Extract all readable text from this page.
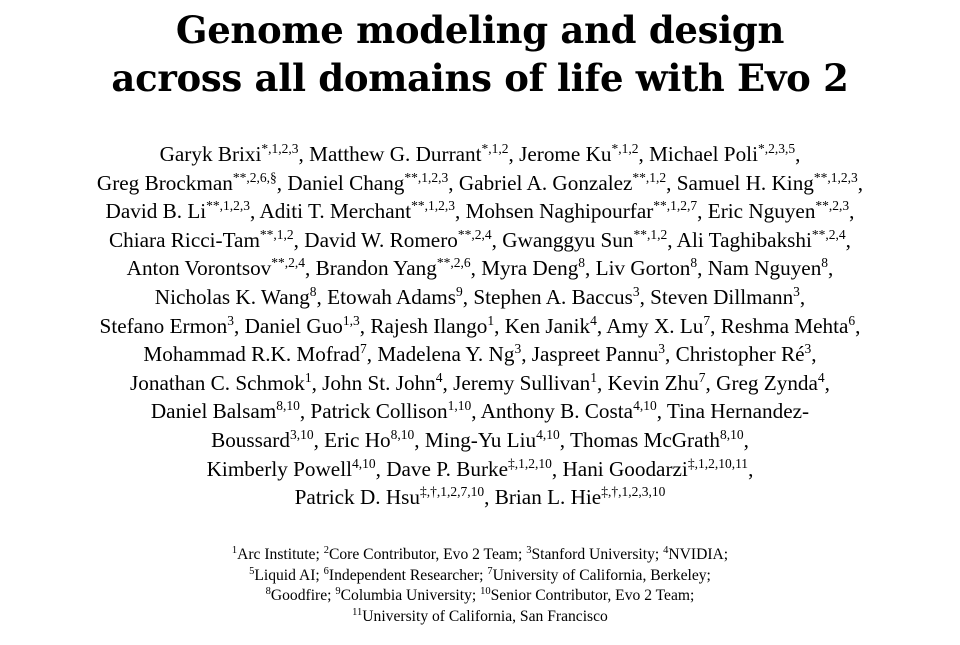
Genome modeling and design
across all domains of life with Evo 2
Garyk Brixi$^{*,1,2,3}$, Matthew G. Durrant$^{*,1,2}$, Jerome $Ku^{*,1,2}$, Michael Poli$^{*,2,3,5}$,
Greg Brockman$^{**,2,6,\S}$, Daniel Chang$^{**,1,2,3}$, Gabriel A. Gonzalez$^{**,1,2}$, Samuel H. King$^{**,1,2,3}$,
David B. $Li^{**,1,2,3}$, Aditi T. Merchant$^{**,1,2,3}$, Mohsen Naghipourfar$^{**,1,2,7}$, Eric Nguyen$^{**,2,3}$,
Chiara Ricci-Tam$^{**,1,2}$, David W. Romero$^{**,2,4}$, Gwanggyu Sun$^{**,1,2}$, Ali Taghibakshi$^{**,2,4}$,
Anton Vorontsov$^{**,2,4}$, Brandon Yang$^{**,2,6}$, Myra Deng$^8$, Liv Gorton$^8$, Nam Nguyen$^8$,
Nicholas K. Wang$^8$, Etowah Adams$^9$, Stephen A. Baccus$^3$, Steven Dillmann$^3$,
Stefano Ermon$^3$, Daniel Guo$^{1,3}$, Rajesh Ilango$^1$, Ken Janik$^4$, Amy X. Lu$^7$, Reshma Mehta$^6$,
Mohammad R.K. Mofrad$^7$, Madelena Y. Ng$^3$, Jaspreet Pannu$^3$, Christopher $Ré^3$,
Jonathan C. Schmok$^1$, John St. John$^4$, Jeremy Sullivan$^1$, Kevin Zhu$^7$, Greg Zynda$^4$,
Daniel Balsam$^{8,10}$, Patrick Collison$^{1,10}$, Anthony B. Costa$^{4,10}$, Tina Hernandez-
Boussard$^{3,10}$, Eric Ho$^{8,10}$, Ming-Yu Liu$^{4,10}$, Thomas McGrath$^{8,10}$,
Kimberly Powell$^{4,10}$, Dave P. Burke$^{\ddagger,1,2,10}$, Hani Goodarzi$^{\ddagger,1,2,10,11}$,
Patrick D. Hsu$^{\ddagger,\dagger,1,2,7,10}$, Brian L. Hie$^{\ddagger,\dagger,1,2,3,10}$
$^1$Arc Institute; $^2$Core Contributor, Evo 2 Team; $^3$Stanford University; $^4$NVIDIA;
$^5$Liquid AI; $^6$Independent Researcher; $^7$University of California, Berkeley;
$^8$Goodfire; $^9$Columbia University; $^{10}$Senior Contributor, Evo 2 Team;
$^{11}$University of California, San Francisco
